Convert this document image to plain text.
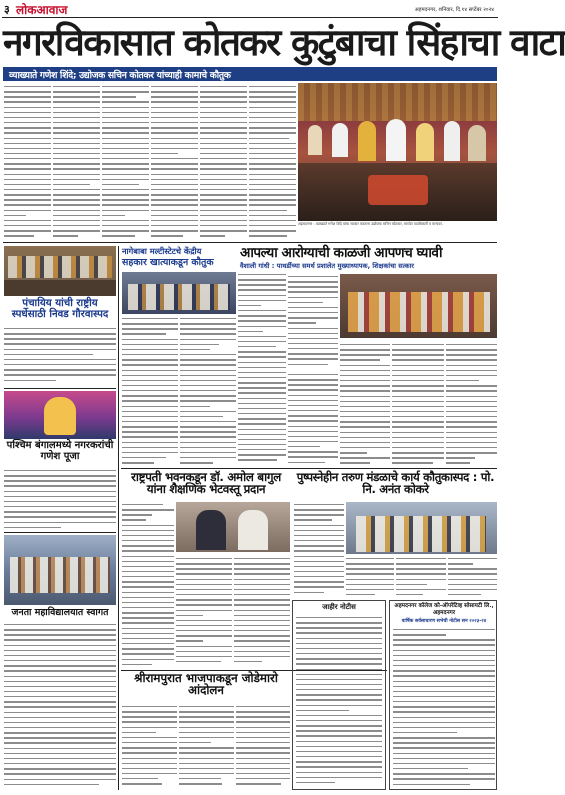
३ लोकआवाज	अहमदनगर, शनिवार, दि.१४ सप्टेंबर २०२४
नगरविकासात कोतकर कुटुंबाचा सिंहाचा वाटा
व्याख्याते गणेश शिंदे; उद्योजक सचिन कोतकर यांच्याही कामाचे कौतुक
अहमदनगर : व्याख्याते गणेश शिंदे यांचा सत्कार करताना उद्योजक सचिन कोतकर, समवेत पदाधिकारी व मान्यवर.
पंचायिय यांची राष्ट्रीय स्पर्धेसाठी निवड गौरवास्पद
पश्चिम बंगालमध्ये नगरकरांची गणेश पूजा
जनता महाविद्यालयात स्वागत
नागेबाबा मल्टीस्टेटचे केंद्रीय
सहकार खात्याकडून कौतुक
आपल्या आरोग्याची काळजी आपणच घ्यावी
वैशाली गांधी : पाथर्डीच्या समर्थ प्रशालेत मुख्याध्यापक, शिक्षकांचा सत्कार
राष्ट्रपती भवनकडून डॉ. अमोल बागुल यांना शैक्षणिक भेटवस्तू प्रदान
पुष्पस्नेहीन तरुण मंडळाचे कार्य कौतुकास्पद : पो. नि. अनंत कोकरे
अहमदनगर कॉलेज को-ऑपरेटिव्ह सोसायटी लि., अहमदनगर
वार्षिक सर्वसाधारण सभेची नोटीस सन २०२३-२४
श्रीरामपुरात भाजपाकडून जोडेमारो आंदोलन
जाहीर नोटीस
